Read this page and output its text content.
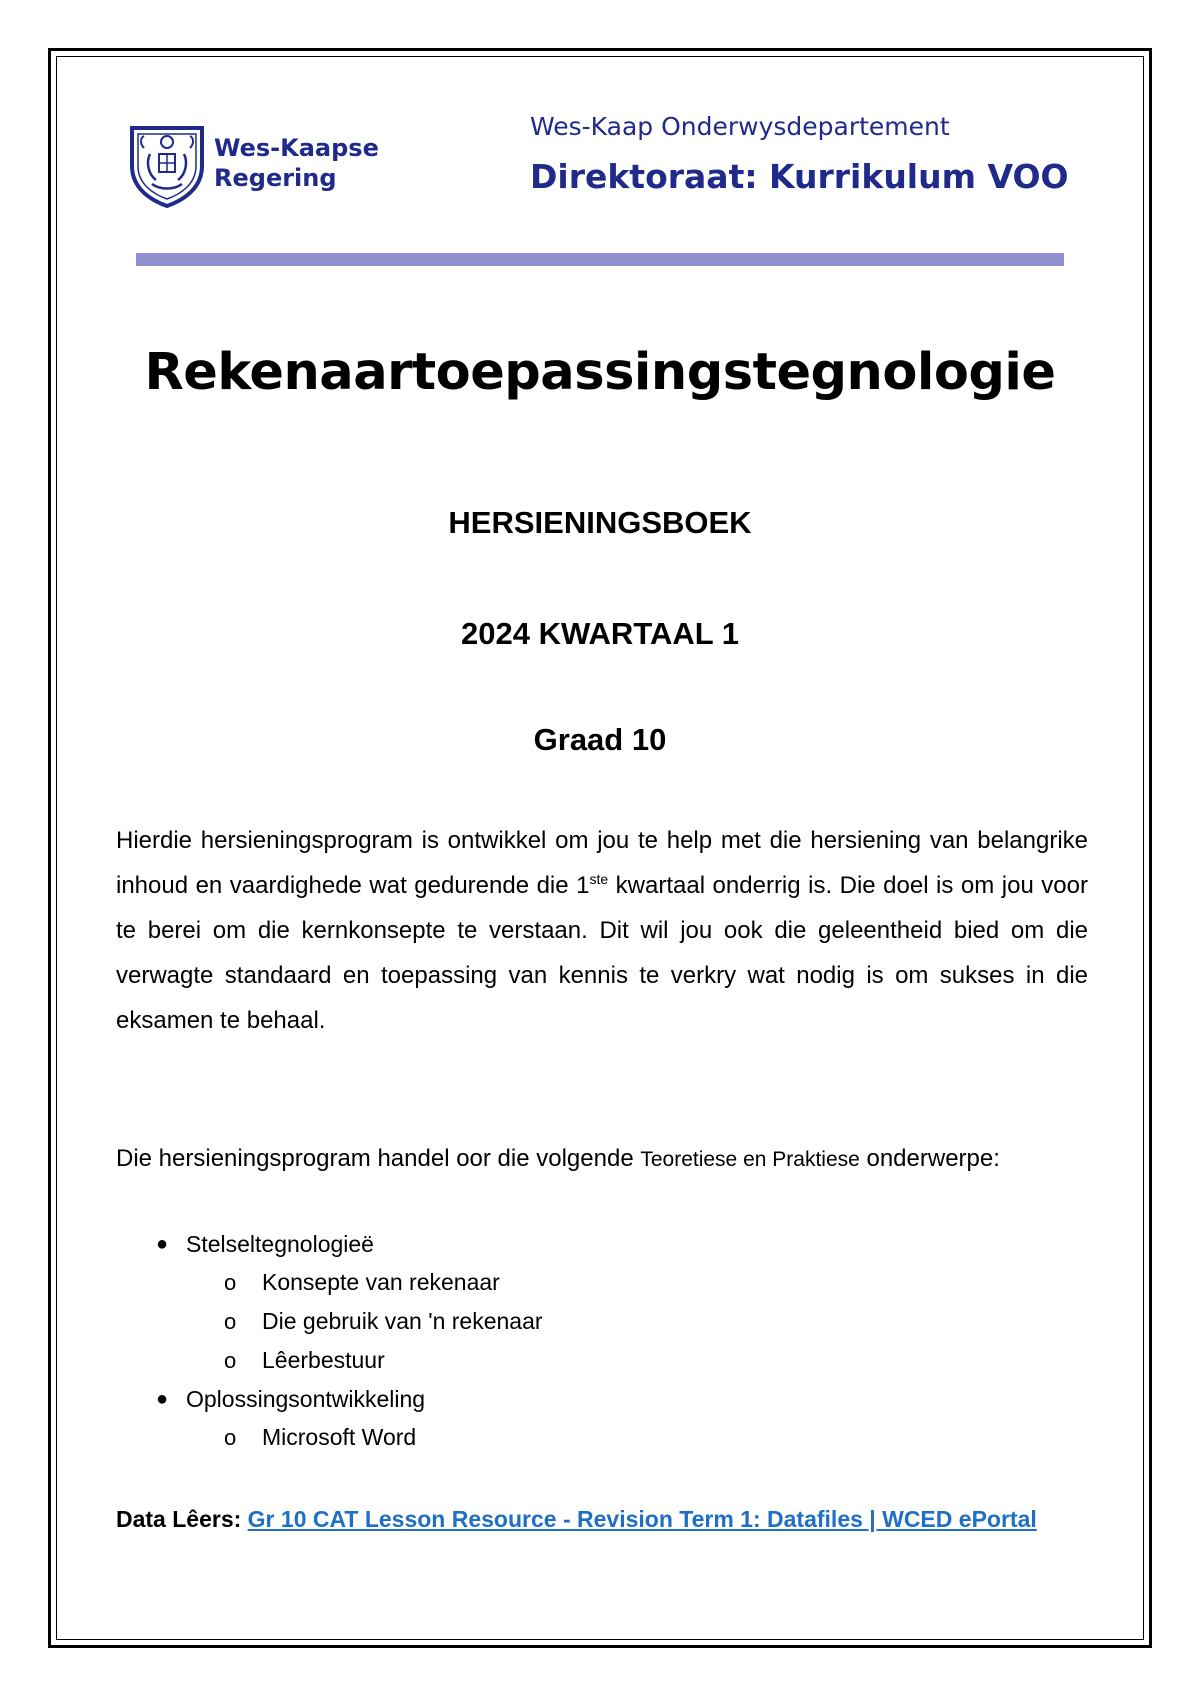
Wes-Kaapse
Regering
Wes-Kaap Onderwysdepartement
Direktoraat: Kurrikulum VOO
Rekenaartoepassingstegnologie
HERSIENINGSBOEK
2024 KWARTAAL 1
Graad 10
Hierdie hersieningsprogram is ontwikkel om jou te help met die hersiening van belangrike inhoud en vaardighede wat gedurende die 1ste kwartaal onderrig is. Die doel is om jou voor te berei om die kernkonsepte te verstaan. Dit wil jou ook die geleentheid bied om die verwagte standaard en toepassing van kennis te verkry wat nodig is om sukses in die eksamen te behaal.
Die hersieningsprogram handel oor die volgende Teoretiese en Praktiese onderwerpe:
● Stelseltegnologieë
o Konsepte van rekenaar
o Die gebruik van 'n rekenaar
o Lêerbestuur
● Oplossingsontwikkeling
o Microsoft Word
Data Lêers: Gr 10 CAT Lesson Resource - Revision Term 1: Datafiles | WCED ePortal
